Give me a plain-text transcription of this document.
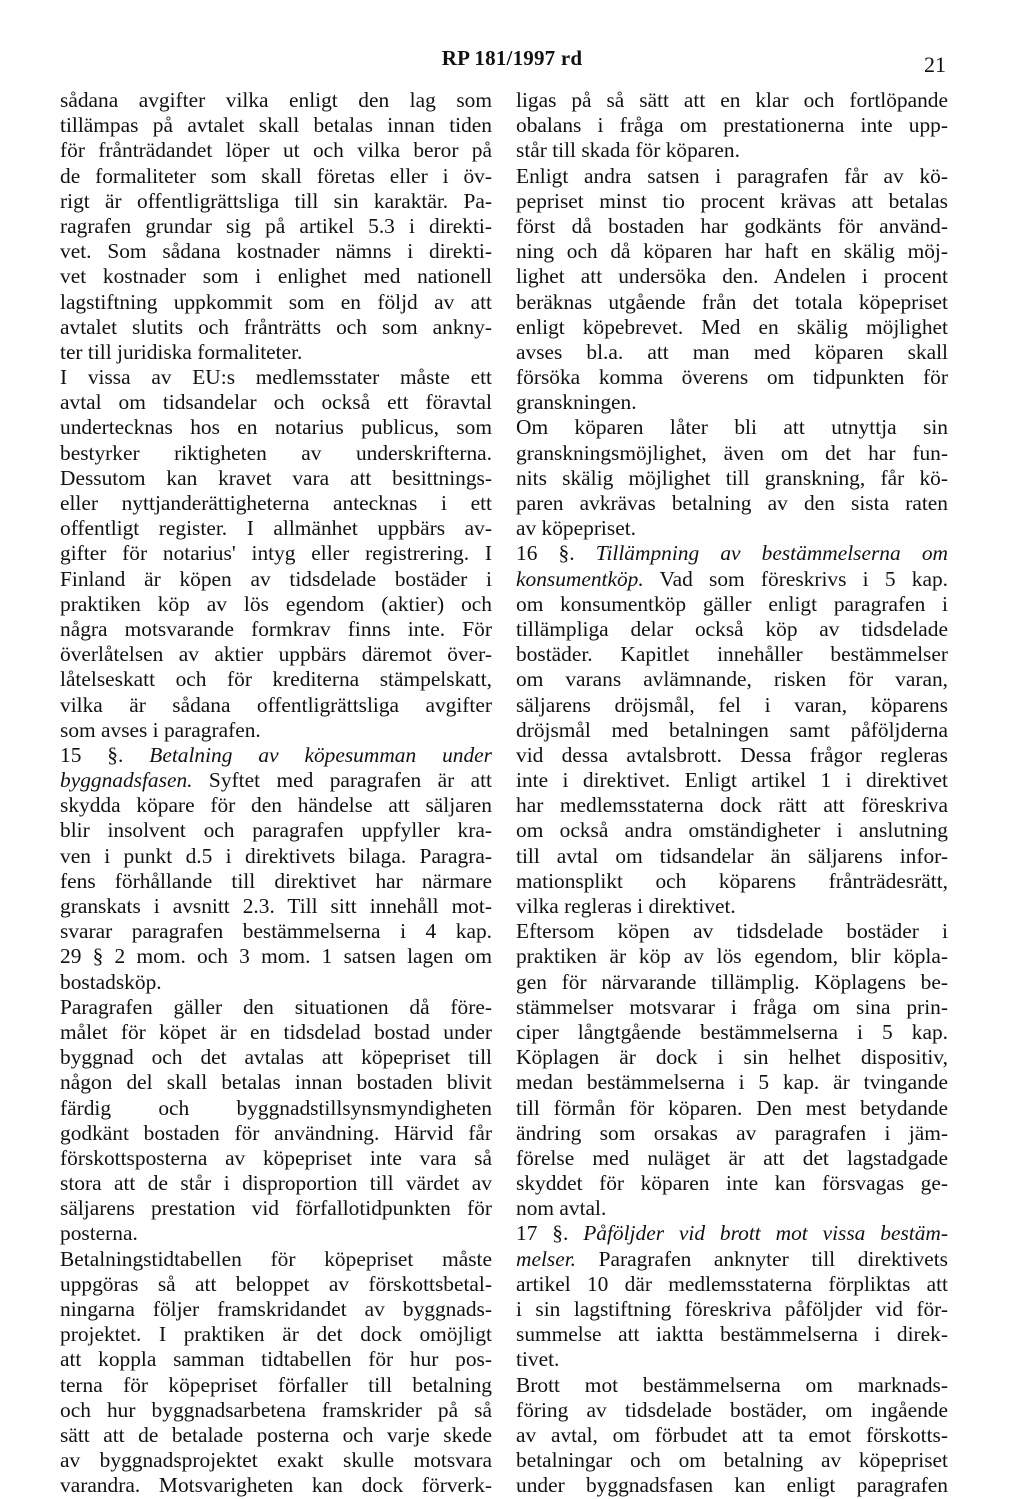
RP 181/1997 rd	21
sådana avgifter vilka enligt den lag som
tillämpas på avtalet skall betalas innan tiden
för frånträdandet löper ut och vilka beror på
de formaliteter som skall företas eller i öv-
rigt är offentligrättsliga till sin karaktär. Pa-
ragrafen grundar sig på artikel 5.3 i direkti-
vet. Som sådana kostnader nämns i direkti-
vet kostnader som i enlighet med nationell
lagstiftning uppkommit som en följd av att
avtalet slutits och frånträtts och som ankny-
ter till juridiska formaliteter.
I vissa av EU:s medlemsstater måste ett
avtal om tidsandelar och också ett föravtal
undertecknas hos en notarius publicus, som
bestyrker riktigheten av underskrifterna.
Dessutom kan kravet vara att besittnings-
eller nyttjanderättigheterna antecknas i ett
offentligt register. I allmänhet uppbärs av-
gifter för notarius' intyg eller registrering. I
Finland är köpen av tidsdelade bostäder i
praktiken köp av lös egendom (aktier) och
några motsvarande formkrav finns inte. För
överlåtelsen av aktier uppbärs däremot över-
låtelseskatt och för krediterna stämpelskatt,
vilka är sådana offentligrättsliga avgifter
som avses i paragrafen.
15 §. Betalning av köpesumman under
byggnadsfasen. Syftet med paragrafen är att
skydda köpare för den händelse att säljaren
blir insolvent och paragrafen uppfyller kra-
ven i punkt d.5 i direktivets bilaga. Paragra-
fens förhållande till direktivet har närmare
granskats i avsnitt 2.3. Till sitt innehåll mot-
svarar paragrafen bestämmelserna i 4 kap.
29 § 2 mom. och 3 mom. 1 satsen lagen om
bostadsköp.
Paragrafen gäller den situationen då före-
målet för köpet är en tidsdelad bostad under
byggnad och det avtalas att köpepriset till
någon del skall betalas innan bostaden blivit
färdig och byggnadstillsynsmyndigheten
godkänt bostaden för användning. Härvid får
förskottsposterna av köpepriset inte vara så
stora att de står i disproportion till värdet av
säljarens prestation vid förfallotidpunkten för
posterna.
Betalningstidtabellen för köpepriset måste
uppgöras så att beloppet av förskottsbetal-
ningarna följer framskridandet av byggnads-
projektet. I praktiken är det dock omöjligt
att koppla samman tidtabellen för hur pos-
terna för köpepriset förfaller till betalning
och hur byggnadsarbetena framskrider på så
sätt att de betalade posterna och varje skede
av byggnadsprojektet exakt skulle motsvara
varandra. Motsvarigheten kan dock förverk-
ligas på så sätt att en klar och fortlöpande
obalans i fråga om prestationerna inte upp-
står till skada för köparen.
Enligt andra satsen i paragrafen får av kö-
pepriset minst tio procent krävas att betalas
först då bostaden har godkänts för använd-
ning och då köparen har haft en skälig möj-
lighet att undersöka den. Andelen i procent
beräknas utgående från det totala köpepriset
enligt köpebrevet. Med en skälig möjlighet
avses bl.a. att man med köparen skall
försöka komma överens om tidpunkten för
granskningen.
Om köparen låter bli att utnyttja sin
granskningsmöjlighet, även om det har fun-
nits skälig möjlighet till granskning, får kö-
paren avkrävas betalning av den sista raten
av köpepriset.
16 §. Tillämpning av bestämmelserna om
konsumentköp. Vad som föreskrivs i 5 kap.
om konsumentköp gäller enligt paragrafen i
tillämpliga delar också köp av tidsdelade
bostäder. Kapitlet innehåller bestämmelser
om varans avlämnande, risken för varan,
säljarens dröjsmål, fel i varan, köparens
dröjsmål med betalningen samt påföljderna
vid dessa avtalsbrott. Dessa frågor regleras
inte i direktivet. Enligt artikel 1 i direktivet
har medlemsstaterna dock rätt att föreskriva
om också andra omständigheter i anslutning
till avtal om tidsandelar än säljarens infor-
mationsplikt och köparens frånträdesrätt,
vilka regleras i direktivet.
Eftersom köpen av tidsdelade bostäder i
praktiken är köp av lös egendom, blir köpla-
gen för närvarande tillämplig. Köplagens be-
stämmelser motsvarar i fråga om sina prin-
ciper långtgående bestämmelserna i 5 kap.
Köplagen är dock i sin helhet dispositiv,
medan bestämmelserna i 5 kap. är tvingande
till förmån för köparen. Den mest betydande
ändring som orsakas av paragrafen i jäm-
förelse med nuläget är att det lagstadgade
skyddet för köparen inte kan försvagas ge-
nom avtal.
17 §. Påföljder vid brott mot vissa bestäm-
melser. Paragrafen anknyter till direktivets
artikel 10 där medlemsstaterna förpliktas att
i sin lagstiftning föreskriva påföljder vid för-
summelse att iakttа bestämmelserna i direk-
tivet.
Brott mot bestämmelserna om marknads-
föring av tidsdelade bostäder, om ingående
av avtal, om förbudet att ta emot förskotts-
betalningar och om betalning av köpepriset
under byggnadsfasen kan enligt paragrafen
